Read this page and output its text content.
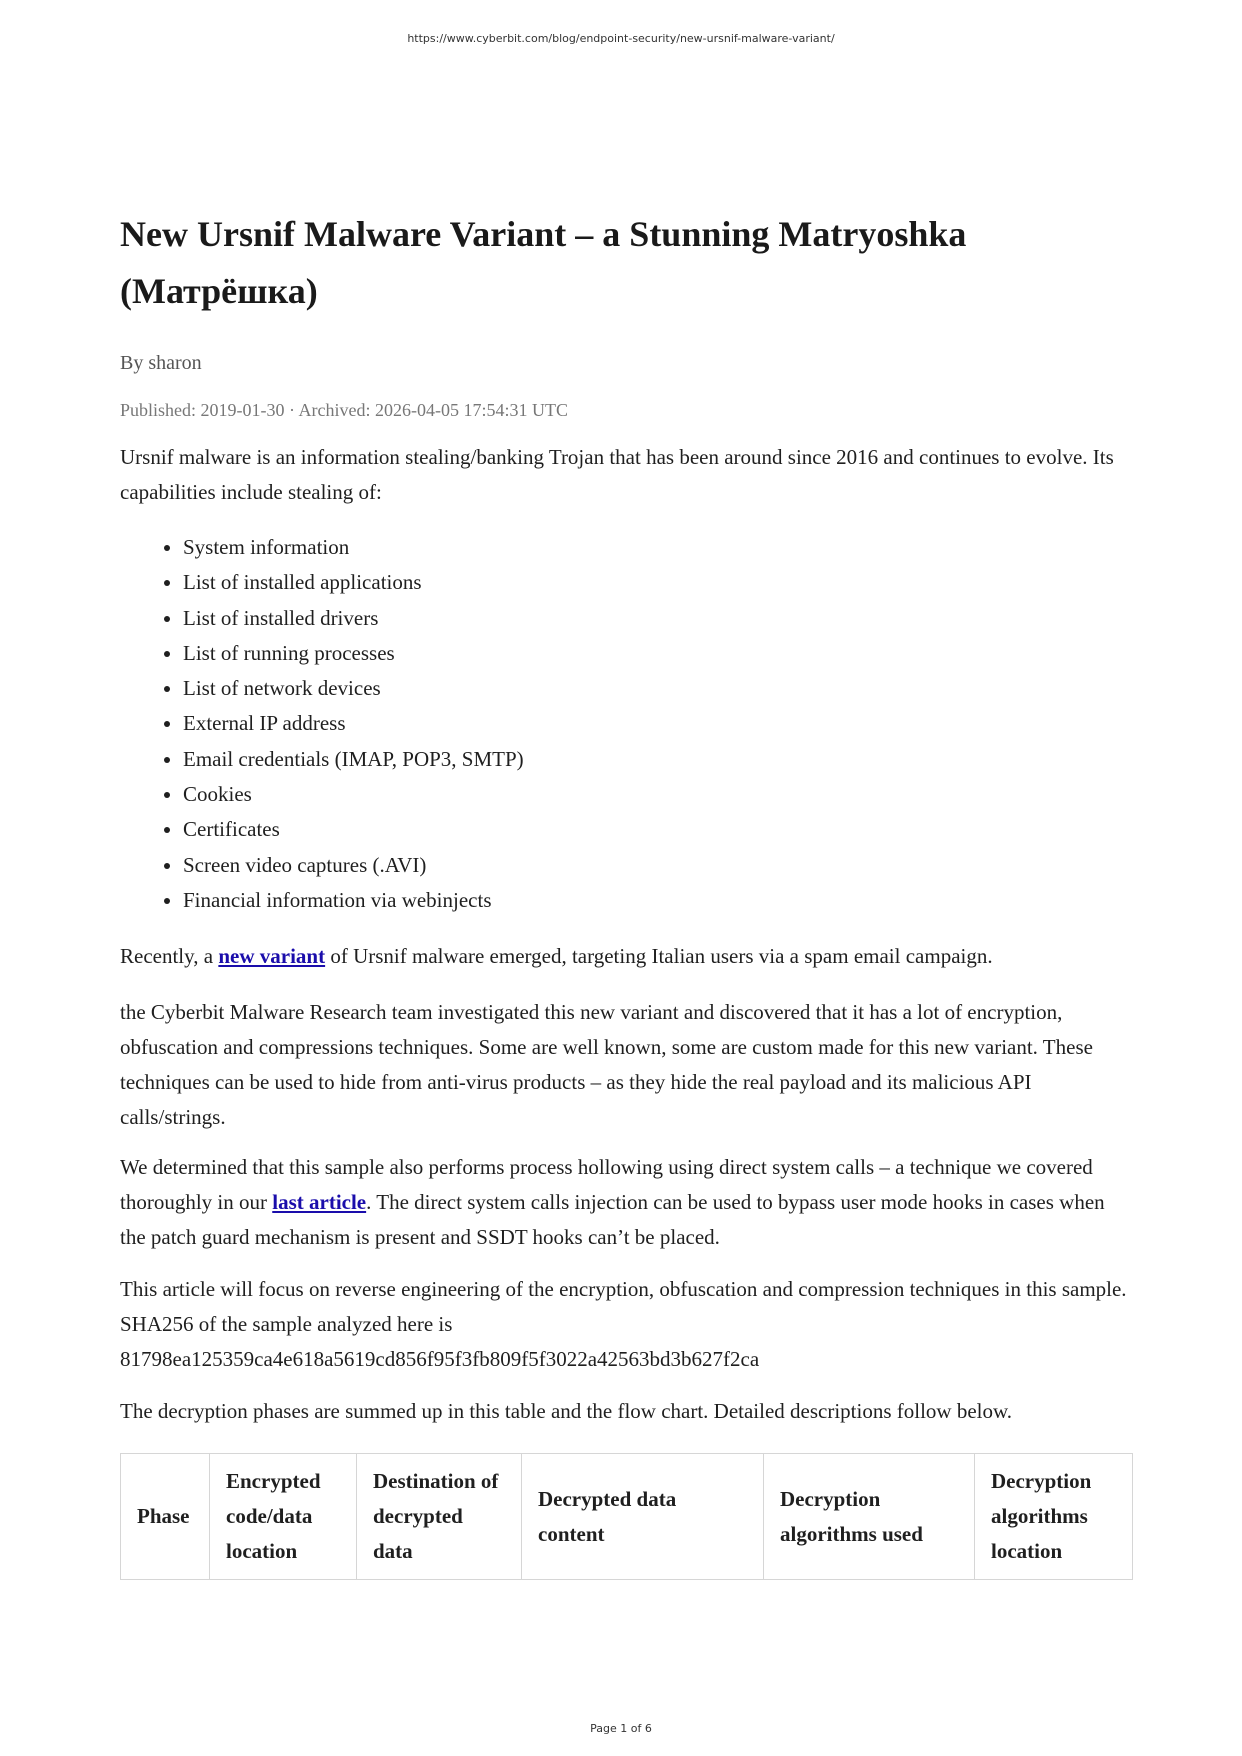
https://www.cyberbit.com/blog/endpoint-security/new-ursnif-malware-variant/
New Ursnif Malware Variant – a Stunning Matryoshka
(Матрёшка)
By sharon
Published: 2019-01-30 · Archived: 2026-04-05 17:54:31 UTC

Ursnif malware is an information stealing/banking Trojan that has been around since 2016 and continues to evolve. Its capabilities include stealing of:

• System information
• List of installed applications
• List of installed drivers
• List of running processes
• List of network devices
• External IP address
• Email credentials (IMAP, POP3, SMTP)
• Cookies
• Certificates
• Screen video captures (.AVI)
• Financial information via webinjects

Recently, a new variant of Ursnif malware emerged, targeting Italian users via a spam email campaign.

the Cyberbit Malware Research team investigated this new variant and discovered that it has a lot of encryption, obfuscation and compressions techniques. Some are well known, some are custom made for this new variant. These techniques can be used to hide from anti-virus products – as they hide the real payload and its malicious API calls/strings.

We determined that this sample also performs process hollowing using direct system calls – a technique we covered thoroughly in our last article. The direct system calls injection can be used to bypass user mode hooks in cases when the patch guard mechanism is present and SSDT hooks can’t be placed.

This article will focus on reverse engineering of the encryption, obfuscation and compression techniques in this sample. SHA256 of the sample analyzed here is
81798ea125359ca4e618a5619cd856f95f3fb809f5f3022a42563bd3b627f2ca

The decryption phases are summed up in this table and the flow chart. Detailed descriptions follow below.

Phase	Encrypted code/data location	Destination of decrypted data	Decrypted data content	Decryption algorithms used	Decryption algorithms location
Page 1 of 6
